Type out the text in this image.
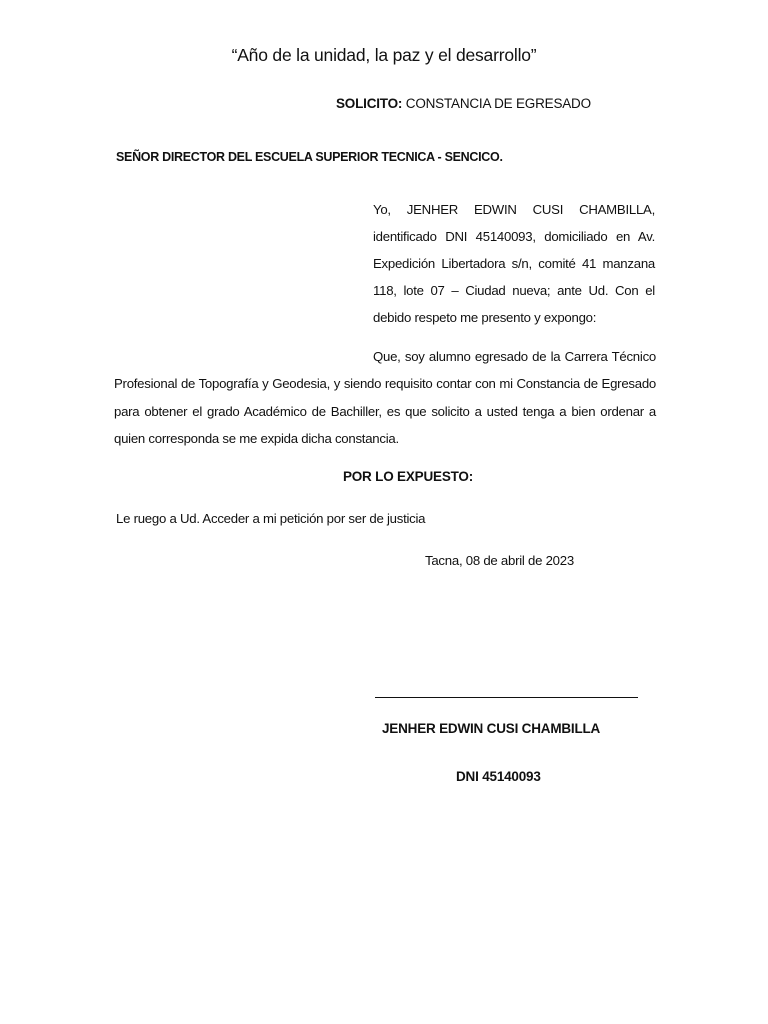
“Año de la unidad, la paz y el desarrollo”
SOLICITO: CONSTANCIA DE EGRESADO
SEÑOR DIRECTOR DEL ESCUELA SUPERIOR TECNICA - SENCICO.
Yo, JENHER EDWIN CUSI CHAMBILLA, identificado DNI 45140093, domiciliado en Av. Expedición Libertadora s/n, comité 41 manzana 118, lote 07 – Ciudad nueva; ante Ud. Con el debido respeto me presento y expongo:
Que, soy alumno egresado de la Carrera Técnico Profesional de Topografía y Geodesia, y siendo requisito contar con mi Constancia de Egresado para obtener el grado Académico de Bachiller, es que solicito a usted tenga a bien ordenar a quien corresponda se me expida dicha constancia.
POR LO EXPUESTO:
Le ruego a Ud. Acceder a mi petición por ser de justicia
Tacna, 08 de abril de 2023
JENHER EDWIN CUSI CHAMBILLA
DNI 45140093
